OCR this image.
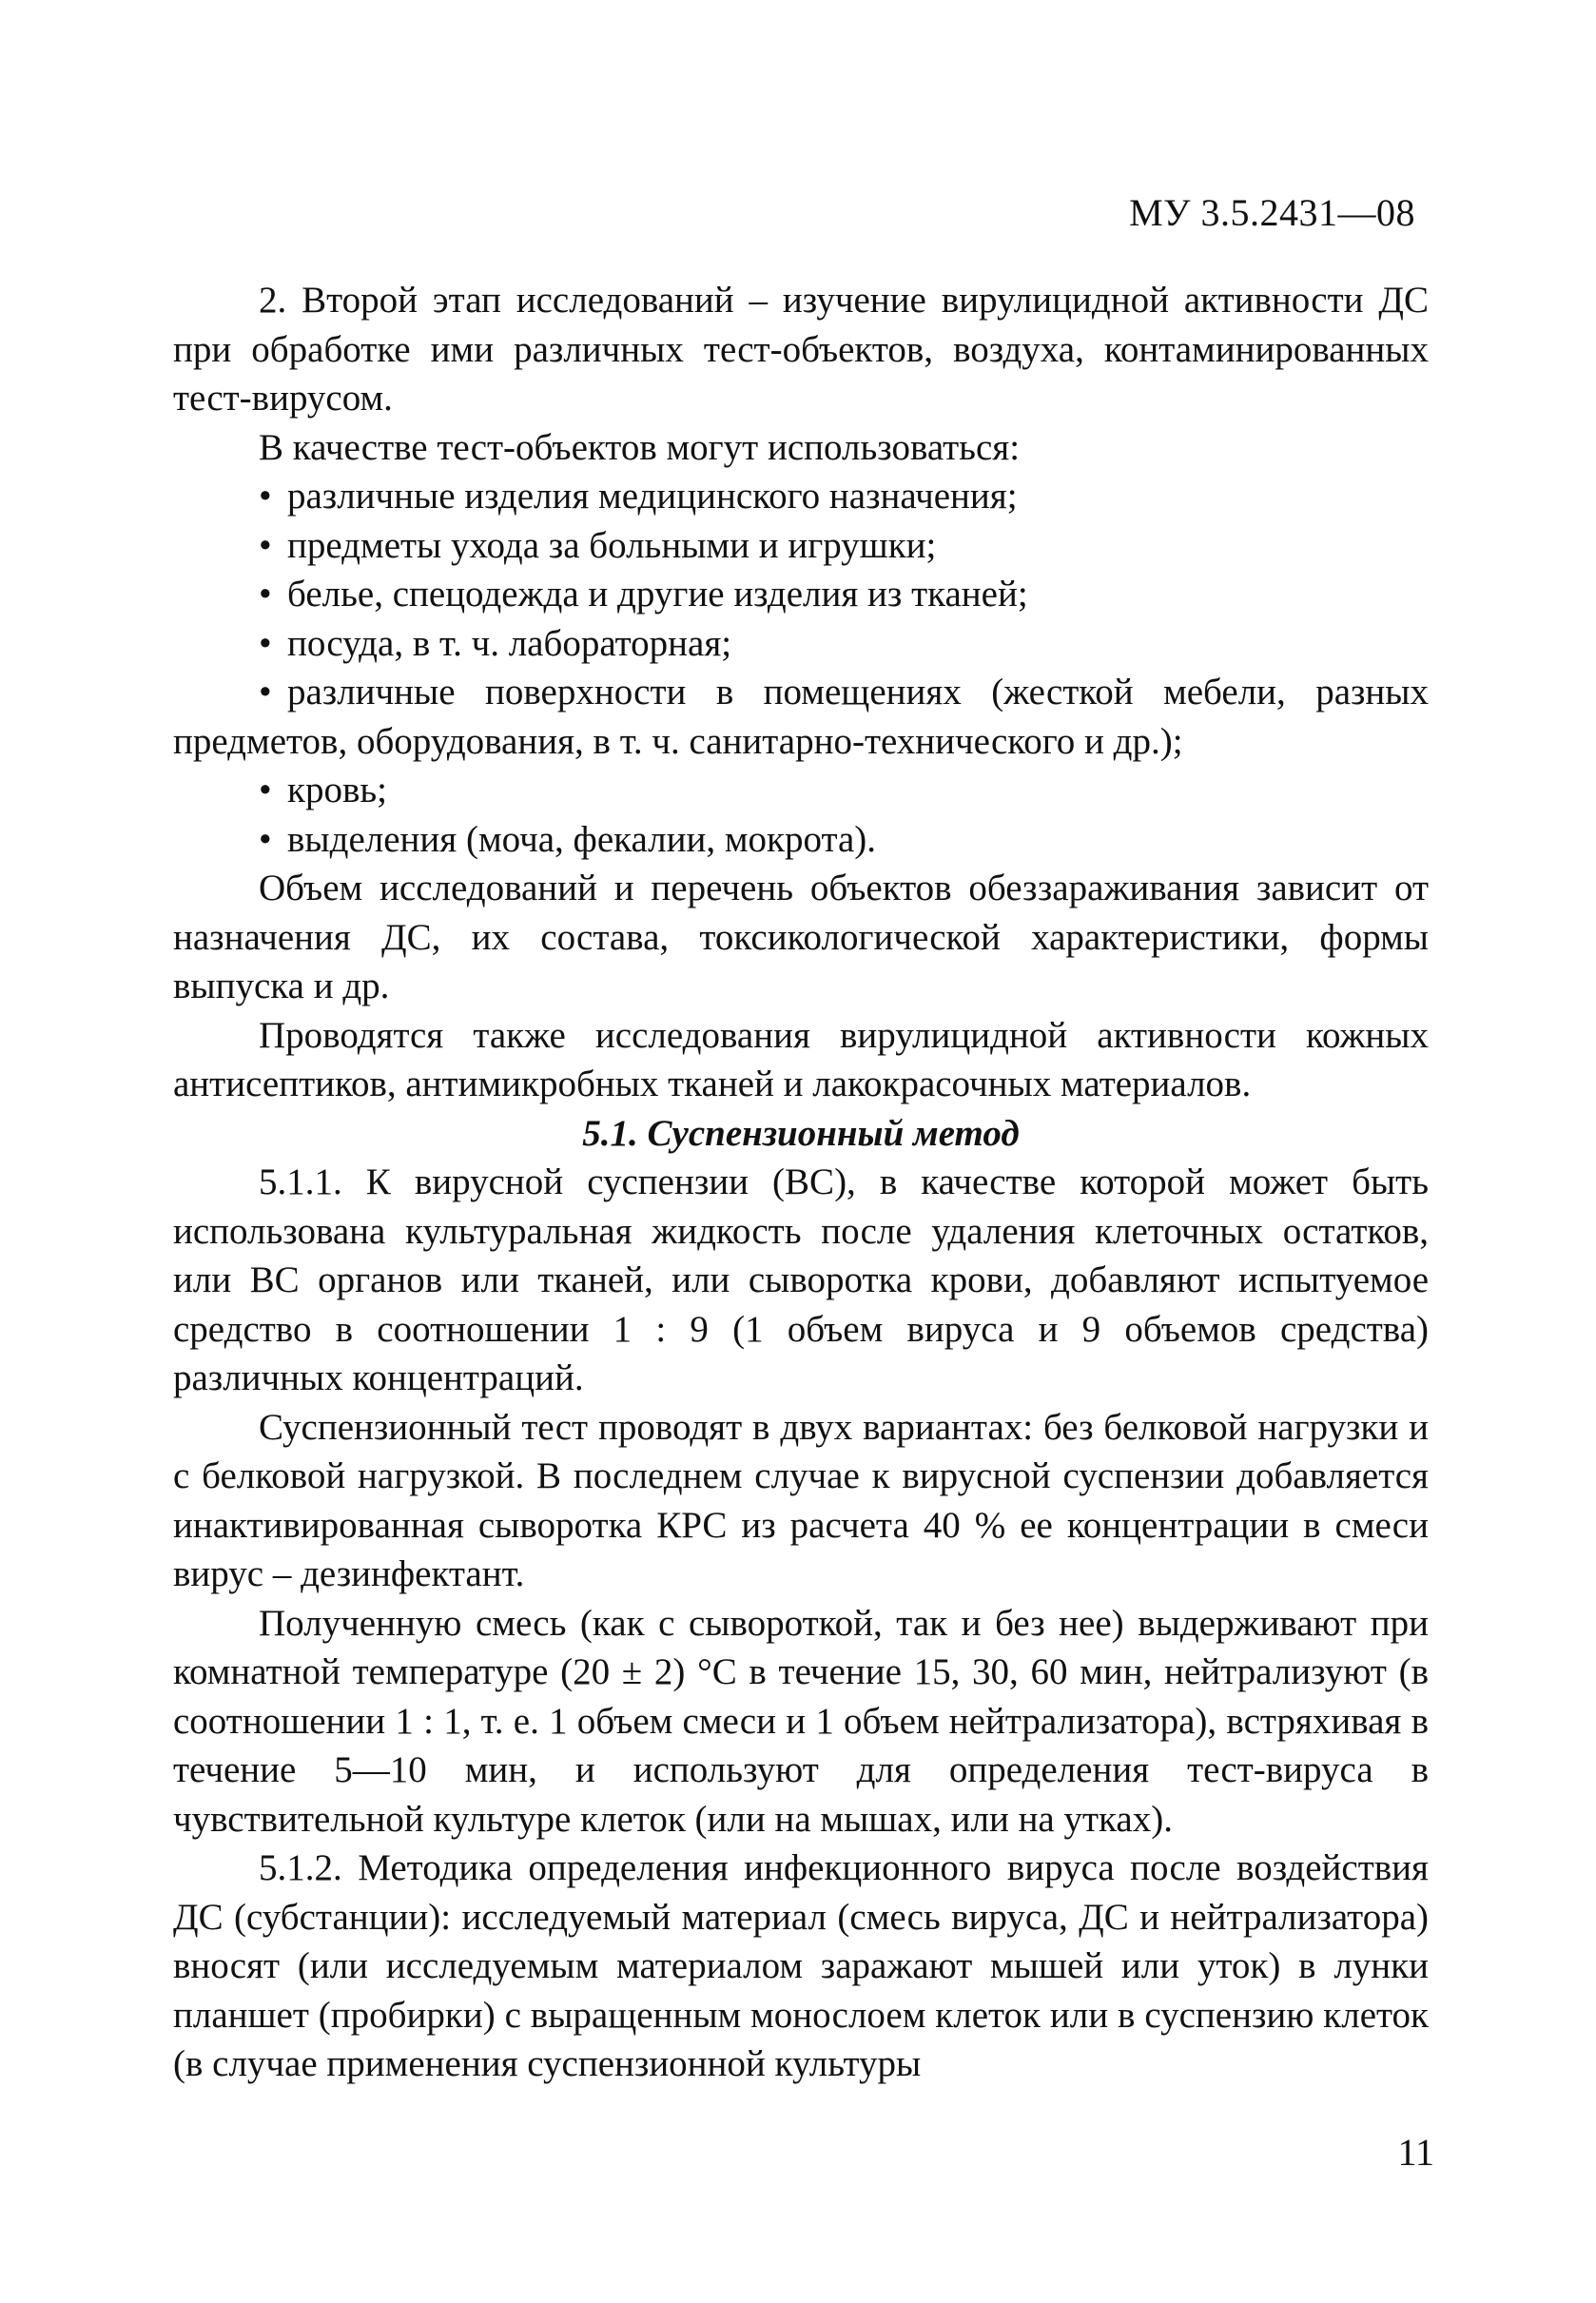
МУ 3.5.2431—08

2. Второй этап исследований – изучение вирулицидной активности ДС при обработке ими различных тест-объектов, воздуха, контаминированных тест-вирусом.

В качестве тест-объектов могут использоваться:

• различные изделия медицинского назначения;
• предметы ухода за больными и игрушки;
• белье, спецодежда и другие изделия из тканей;
• посуда, в т. ч. лабораторная;
• различные поверхности в помещениях (жесткой мебели, разных предметов, оборудования, в т. ч. санитарно-технического и др.);
• кровь;
• выделения (моча, фекалии, мокрота).

Объем исследований и перечень объектов обеззараживания зависит от назначения ДС, их состава, токсикологической характеристики, формы выпуска и др.

Проводятся также исследования вирулицидной активности кожных антисептиков, антимикробных тканей и лакокрасочных материалов.

5.1. Суспензионный метод

5.1.1. К вирусной суспензии (ВС), в качестве которой может быть использована культуральная жидкость после удаления клеточных остатков, или ВС органов или тканей, или сыворотка крови, добавляют испытуемое средство в соотношении 1 : 9 (1 объем вируса и 9 объемов средства) различных концентраций.

Суспензионный тест проводят в двух вариантах: без белковой нагрузки и с белковой нагрузкой. В последнем случае к вирусной суспензии добавляется инактивированная сыворотка КРС из расчета 40 % ее концентрации в смеси вирус – дезинфектант.

Полученную смесь (как с сывороткой, так и без нее) выдерживают при комнатной температуре (20 ± 2) °С в течение 15, 30, 60 мин, нейтрализуют (в соотношении 1 : 1, т. е. 1 объем смеси и 1 объем нейтрализатора), встряхивая в течение 5—10 мин, и используют для определения тест-вируса в чувствительной культуре клеток (или на мышах, или на утках).

5.1.2. Методика определения инфекционного вируса после воздействия ДС (субстанции): исследуемый материал (смесь вируса, ДС и нейтрализатора) вносят (или исследуемым материалом заражают мышей или уток) в лунки планшет (пробирки) с выращенным монослоем клеток или в суспензию клеток (в случае применения суспензионной культуры

11
